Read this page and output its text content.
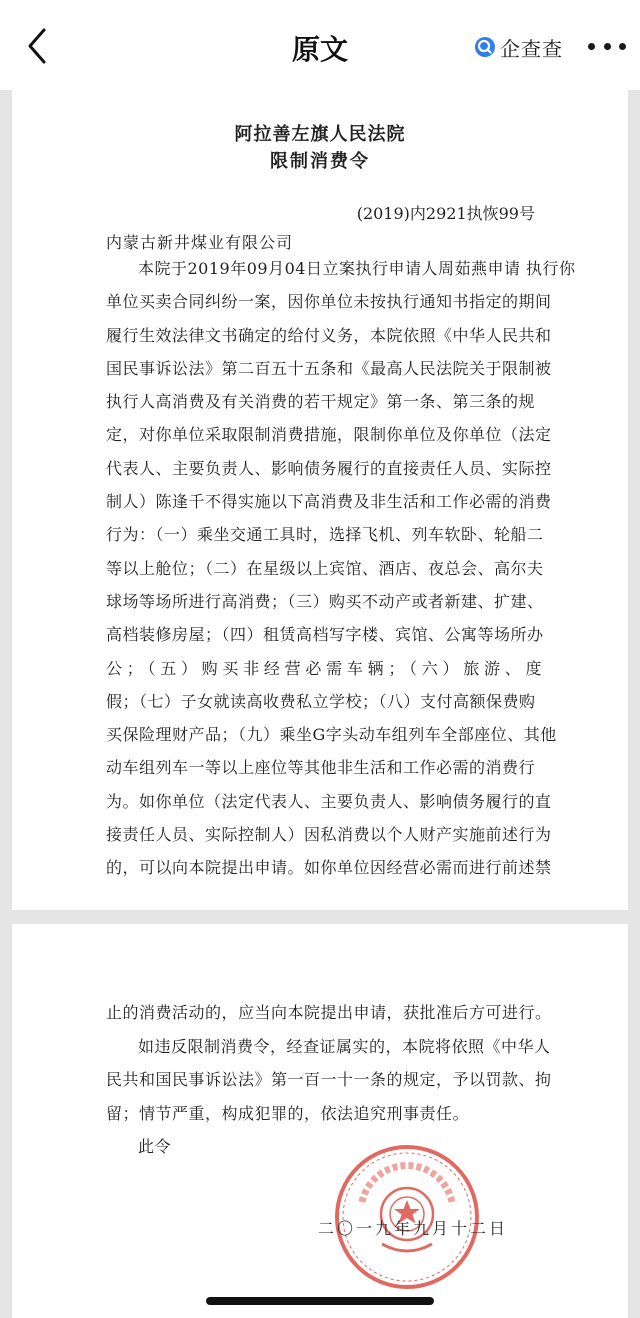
原文	企查查
阿拉善左旗人民法院
限制消费令
(2019)内2921执恢99号
内蒙古新井煤业有限公司
本院于2019年09月04日立案执行申请人周茹燕申请 执行你
单位买卖合同纠纷一案，因你单位未按执行通知书指定的期间
履行生效法律文书确定的给付义务，本院依照《中华人民共和
国民事诉讼法》第二百五十五条和《最高人民法院关于限制被
执行人高消费及有关消费的若干规定》第一条、第三条的规
定，对你单位采取限制消费措施，限制你单位及你单位（法定
代表人、主要负责人、影响债务履行的直接责任人员、实际控
制人）陈逢千不得实施以下高消费及非生活和工作必需的消费
行为：（一）乘坐交通工具时，选择飞机、列车软卧、轮船二
等以上舱位；（二）在星级以上宾馆、酒店、夜总会、高尔夫
球场等场所进行高消费；（三）购买不动产或者新建、扩建、
高档装修房屋；（四）租赁高档写字楼、宾馆、公寓等场所办
公；（五）购买非经营必需车辆；（六）旅游、度
假；（七）子女就读高收费私立学校；（八）支付高额保费购
买保险理财产品；（九）乘坐G字头动车组列车全部座位、其他
动车组列车一等以上座位等其他非生活和工作必需的消费行
为。如你单位（法定代表人、主要负责人、影响债务履行的直
接责任人员、实际控制人）因私消费以个人财产实施前述行为
的，可以向本院提出申请。如你单位因经营必需而进行前述禁
止的消费活动的，应当向本院提出申请，获批准后方可进行。
如违反限制消费令，经查证属实的，本院将依照《中华人
民共和国民事诉讼法》第一百一十一条的规定，予以罚款、拘
留；情节严重，构成犯罪的，依法追究刑事责任。
此令
二〇一九年九月十二日
